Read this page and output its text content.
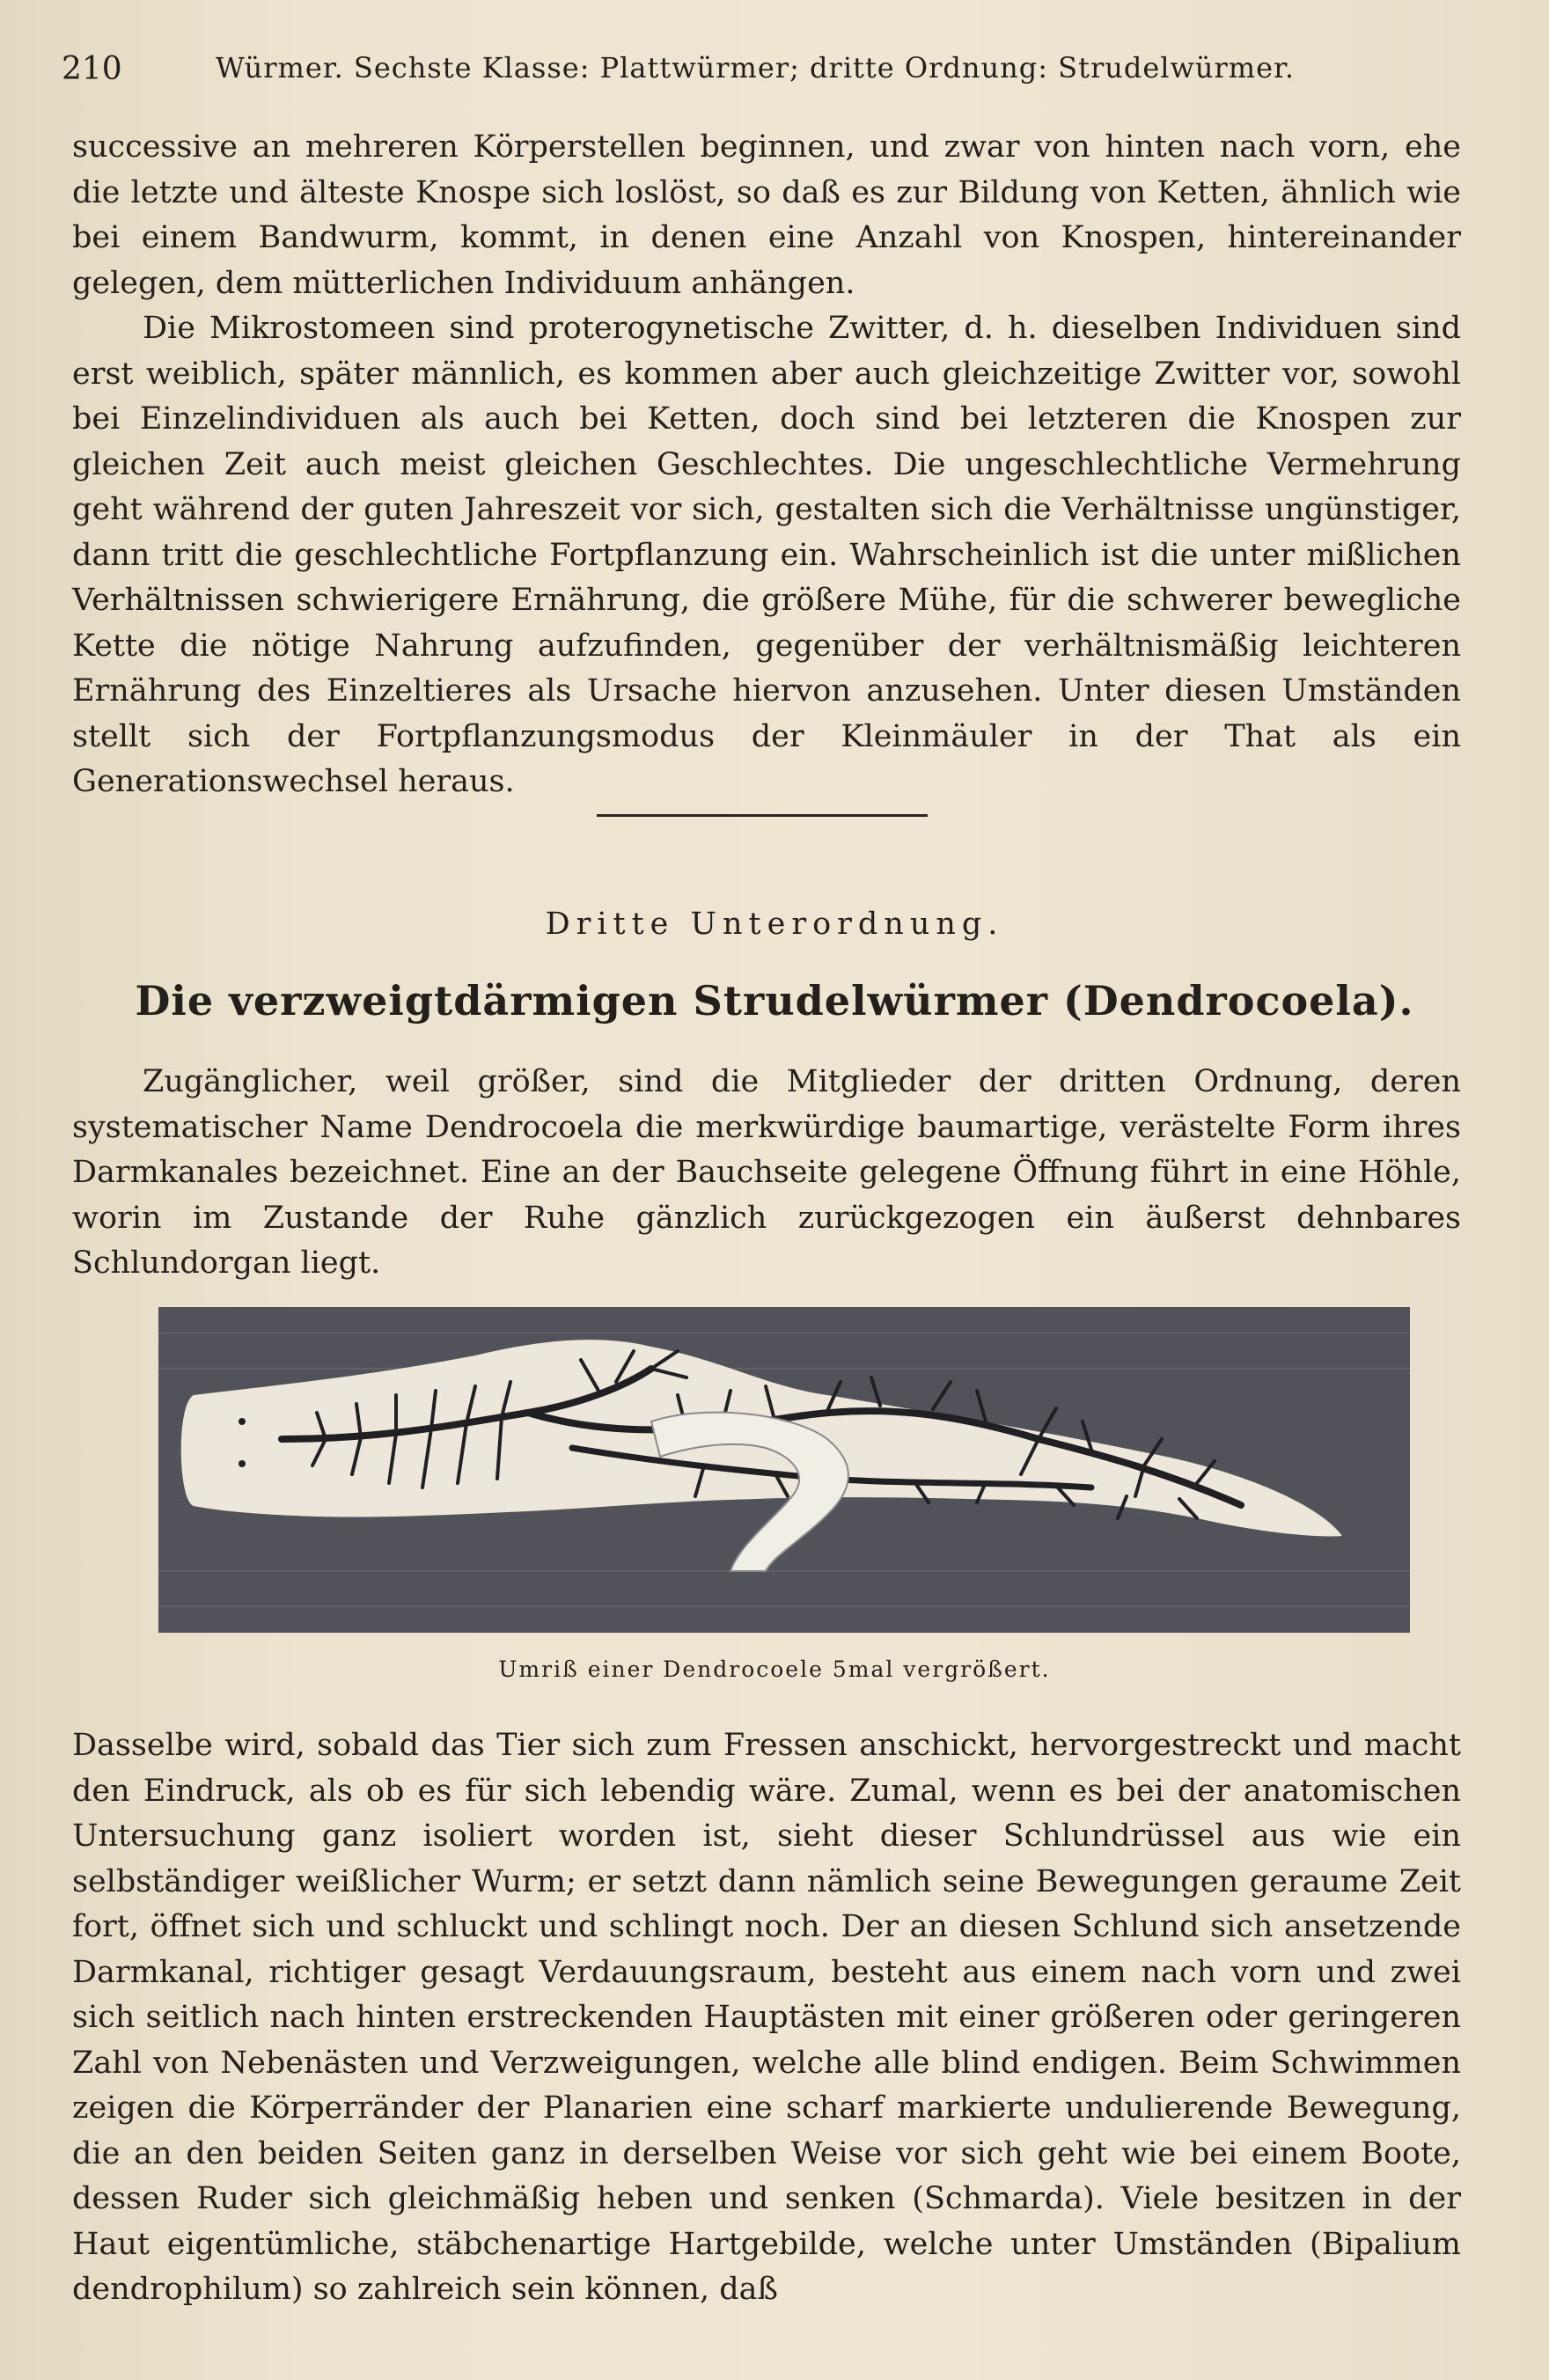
210	Würmer. Sechste Klasse: Plattwürmer; dritte Ordnung: Strudelwürmer.

successive an mehreren Körperstellen beginnen, und zwar von hinten nach vorn, ehe die letzte und älteste Knospe sich loslöst, so daß es zur Bildung von Ketten, ähnlich wie bei einem Bandwurm, kommt, in denen eine Anzahl von Knospen, hintereinander gelegen, dem mütterlichen Individuum anhängen.

Die Mikrostomeen sind proterogynetische Zwitter, d. h. dieselben Individuen sind erst weiblich, später männlich, es kommen aber auch gleichzeitige Zwitter vor, sowohl bei Einzelindividuen als auch bei Ketten, doch sind bei letzteren die Knospen zur gleichen Zeit auch meist gleichen Geschlechtes. Die ungeschlechtliche Vermehrung geht während der guten Jahreszeit vor sich, gestalten sich die Verhältnisse ungünstiger, dann tritt die geschlechtliche Fortpflanzung ein. Wahrscheinlich ist die unter mißlichen Verhältnissen schwierigere Ernährung, die größere Mühe, für die schwerer bewegliche Kette die nötige Nahrung aufzufinden, gegenüber der verhältnismäßig leichteren Ernährung des Einzeltieres als Ursache hiervon anzusehen. Unter diesen Umständen stellt sich der Fortpflanzungsmodus der Kleinmäuler in der That als ein Generationswechsel heraus.

Dritte Unterordnung.
Die verzweigtdärmigen Strudelwürmer (Dendrocoela).

Zugänglicher, weil größer, sind die Mitglieder der dritten Ordnung, deren systematischer Name Dendrocoela die merkwürdige baumartige, verästelte Form ihres Darmkanales bezeichnet. Eine an der Bauchseite gelegene Öffnung führt in eine Höhle, worin im Zustande der Ruhe gänzlich zurückgezogen ein äußerst dehnbares Schlundorgan liegt.

Umriß einer Dendrocoele 5mal vergrößert.

Dasselbe wird, sobald das Tier sich zum Fressen anschickt, hervorgestreckt und macht den Eindruck, als ob es für sich lebendig wäre. Zumal, wenn es bei der anatomischen Untersuchung ganz isoliert worden ist, sieht dieser Schlundrüssel aus wie ein selbständiger weißlicher Wurm; er setzt dann nämlich seine Bewegungen geraume Zeit fort, öffnet sich und schluckt und schlingt noch. Der an diesen Schlund sich ansetzende Darmkanal, richtiger gesagt Verdauungsraum, besteht aus einem nach vorn und zwei sich seitlich nach hinten erstreckenden Hauptästen mit einer größeren oder geringeren Zahl von Nebenästen und Verzweigungen, welche alle blind endigen. Beim Schwimmen zeigen die Körperränder der Planarien eine scharf markierte undulierende Bewegung, die an den beiden Seiten ganz in derselben Weise vor sich geht wie bei einem Boote, dessen Ruder sich gleichmäßig heben und senken (Schmarda). Viele besitzen in der Haut eigentümliche, stäbchenartige Hartgebilde, welche unter Umständen (Bipalium dendrophilum) so zahlreich sein können, daß
